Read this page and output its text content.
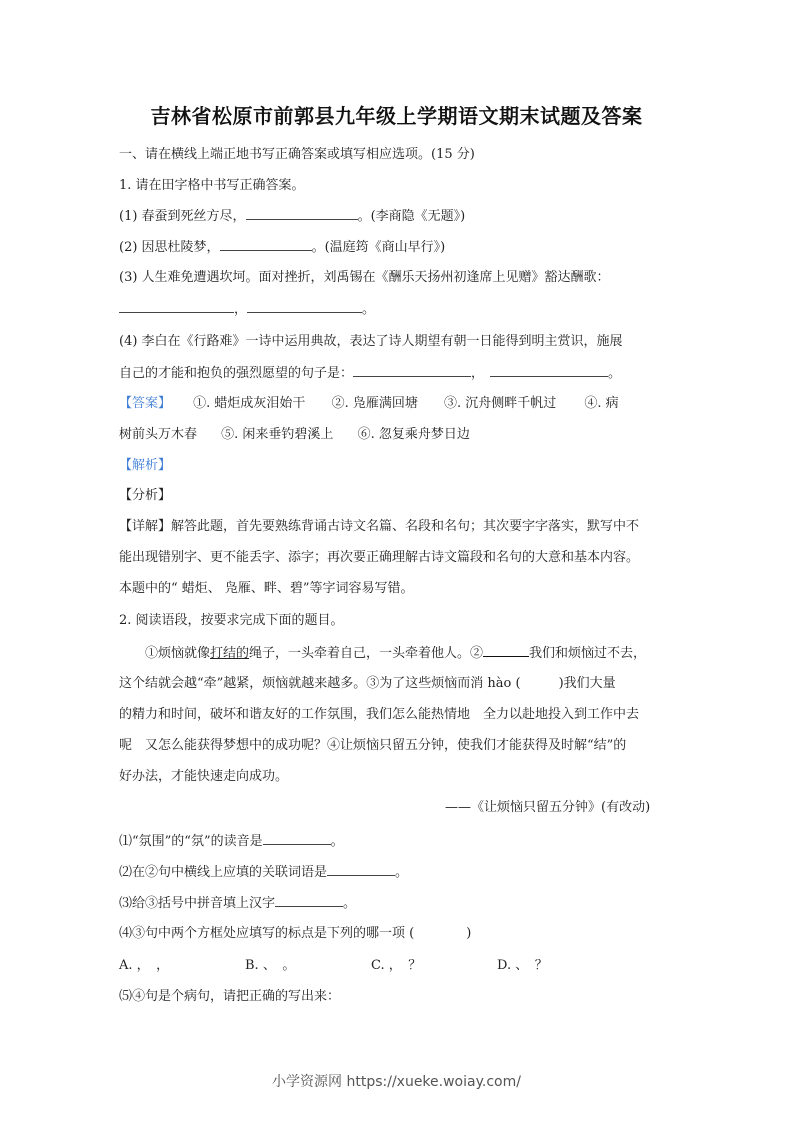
吉林省松原市前郭县九年级上学期语文期末试题及答案
一、请在横线上端正地书写正确答案或填写相应选项。(15 分)
1. 请在田字格中书写正确答案。
(1) 春蚕到死丝方尽，	。(李商隐《无题》)
(2) 因思杜陵梦，	。(温庭筠《商山早行》)
(3) 人生难免遭遇坎坷。面对挫折，刘禹锡在《酬乐天扬州初逢席上见赠》豁达酬歌：
，	。
(4) 李白在《行路难》一诗中运用典故，表达了诗人期望有朝一日能得到明主赏识，施展
自己的才能和抱负的强烈愿望的句子是：	，	。
【答案】 ①. 蜡炬成灰泪始干 ②. 凫雁满回塘 ③. 沉舟侧畔千帆过 ④. 病
树前头万木春 ⑤. 闲来垂钓碧溪上 ⑥. 忽复乘舟梦日边
【解析】
【分析】
【详解】解答此题，首先要熟练背诵古诗文名篇、名段和名句；其次要字字落实，默写中不
能出现错别字、更不能丢字、添字；再次要正确理解古诗文篇段和名句的大意和基本内容。
本题中的“ 蜡炬、 凫雁、畔、碧”等字词容易写错。
2. 阅读语段，按要求完成下面的题目。
①烦恼就像打结的绳子，一头牵着自己，一头牵着他人。②	我们和烦恼过不去，
这个结就会越“牵”越紧，烦恼就越来越多。③为了这些烦恼而消 hào (	)我们大量
的精力和时间，破坏和谐友好的工作氛围，我们怎么能热情地　全力以赴地投入到工作中去
呢　又怎么能获得梦想中的成功呢？④让烦恼只留五分钟，使我们才能获得及时解“结”的
好办法，才能快速走向成功。
——《让烦恼只留五分钟》(有改动)
⑴“氛围”的“氛”的读音是	。
⑵在②句中横线上应填的关联词语是	。
⑶给③括号中拼音填上汉字	。
⑷③句中两个方框处应填写的标点是下列的哪一项 (	)
A. ，　，	B. 、　。	C. ，　？	D. 、　？
⑸④句是个病句，请把正确的写出来：
小学资源网 https://xueke.woiay.com/
